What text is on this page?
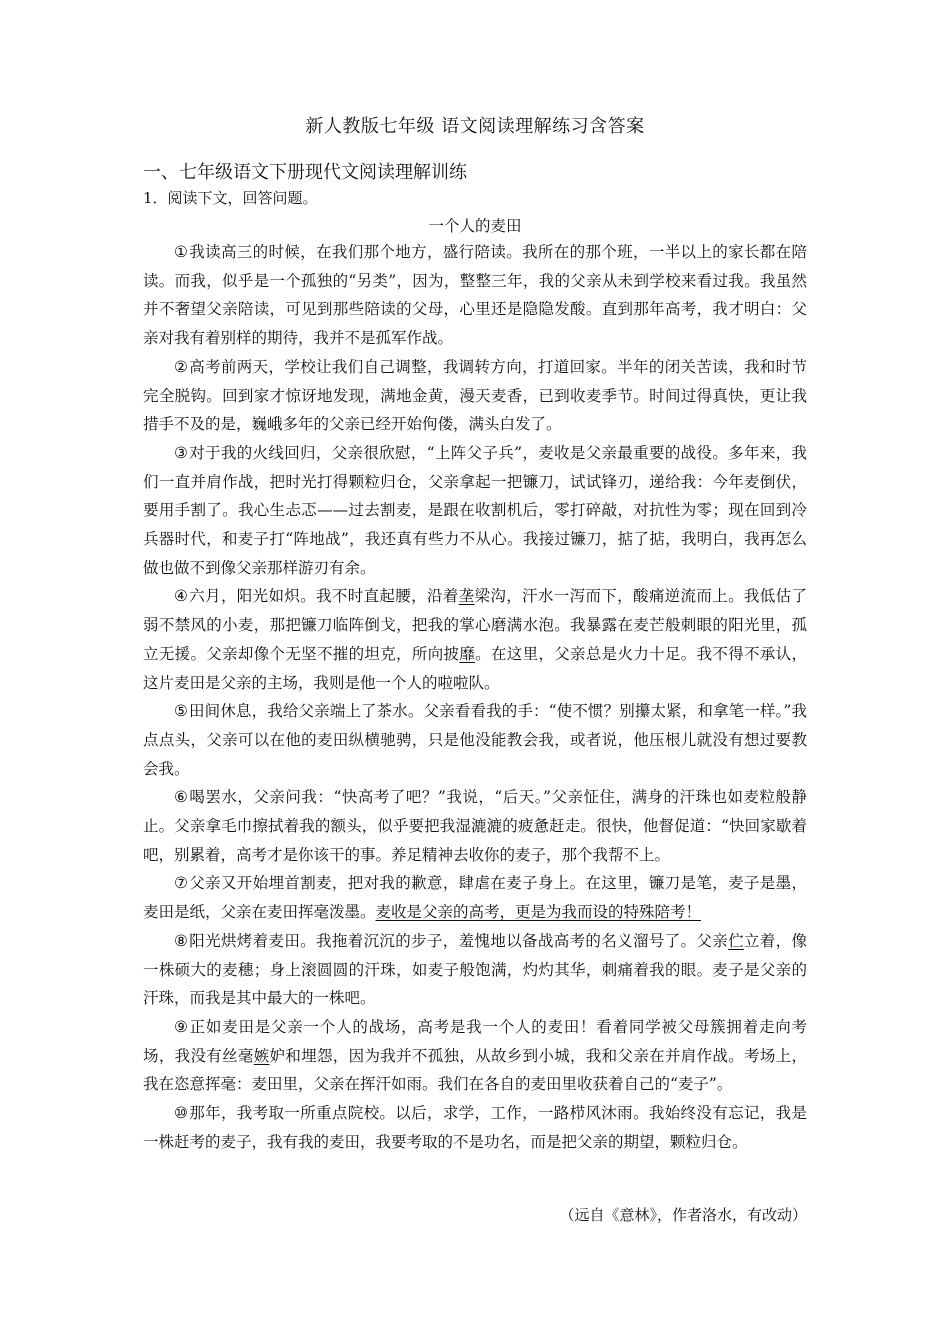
新人教版七年级 语文阅读理解练习含答案
一、七年级语文下册现代文阅读理解训练
1．阅读下文，回答问题。
一个人的麦田

①我读高三的时候，在我们那个地方，盛行陪读。我所在的那个班，一半以上的家长都在陪读。而我，似乎是一个孤独的“另类”，因为，整整三年，我的父亲从未到学校来看过我。我虽然并不奢望父亲陪读，可见到那些陪读的父母，心里还是隐隐发酸。直到那年高考，我才明白：父亲对我有着别样的期待，我并不是孤军作战。

②高考前两天，学校让我们自己调整，我调转方向，打道回家。半年的闭关苦读，我和时节完全脱钩。回到家才惊讶地发现，满地金黄，漫天麦香，已到收麦季节。时间过得真快，更让我措手不及的是，巍峨多年的父亲已经开始佝偻，满头白发了。

③对于我的火线回归，父亲很欣慰，“上阵父子兵”，麦收是父亲最重要的战役。多年来，我们一直并肩作战，把时光打得颗粒归仓，父亲拿起一把镰刀，试试锋刃，递给我：今年麦倒伏，要用手割了。我心生忐忑——过去割麦，是跟在收割机后，零打碎敲，对抗性为零；现在回到冷兵器时代，和麦子打“阵地战”，我还真有些力不从心。我接过镰刀，掂了掂，我明白，我再怎么做也做不到像父亲那样游刃有余。

④六月，阳光如炽。我不时直起腰，沿着垄梁沟，汗水一泻而下，酸痛逆流而上。我低估了弱不禁风的小麦，那把镰刀临阵倒戈，把我的掌心磨满水泡。我暴露在麦芒般刺眼的阳光里，孤立无援。父亲却像个无坚不摧的坦克，所向披靡。在这里，父亲总是火力十足。我不得不承认，这片麦田是父亲的主场，我则是他一个人的啦啦队。

⑤田间休息，我给父亲端上了茶水。父亲看看我的手：“使不惯？别攥太紧，和拿笔一样。”我点点头，父亲可以在他的麦田纵横驰骋，只是他没能教会我，或者说，他压根儿就没有想过要教会我。

⑥喝罢水，父亲问我：“快高考了吧？”我说，“后天。”父亲怔住，满身的汗珠也如麦粒般静止。父亲拿毛巾擦拭着我的额头，似乎要把我湿漉漉的疲惫赶走。很快，他督促道：“快回家歇着吧，别累着，高考才是你该干的事。养足精神去收你的麦子，那个我帮不上。

⑦父亲又开始埋首割麦，把对我的歉意，肆虐在麦子身上。在这里，镰刀是笔，麦子是墨，麦田是纸，父亲在麦田挥毫泼墨。麦收是父亲的高考，更是为我而设的特殊陪考！

⑧阳光烘烤着麦田。我拖着沉沉的步子，羞愧地以备战高考的名义溜号了。父亲伫立着，像一株硕大的麦穗；身上滚圆圆的汗珠，如麦子般饱满，灼灼其华，刺痛着我的眼。麦子是父亲的汗珠，而我是其中最大的一株吧。

⑨正如麦田是父亲一个人的战场，高考是我一个人的麦田！看着同学被父母簇拥着走向考场，我没有丝毫嫉妒和埋怨，因为我并不孤独，从故乡到小城，我和父亲在并肩作战。考场上，我在恣意挥毫：麦田里，父亲在挥汗如雨。我们在各自的麦田里收获着自己的“麦子”。

⑩那年，我考取一所重点院校。以后，求学，工作，一路栉风沐雨。我始终没有忘记，我是一株赶考的麦子，我有我的麦田，我要考取的不是功名，而是把父亲的期望，颗粒归仓。

（远自《意林》，作者洛水，有改动）
